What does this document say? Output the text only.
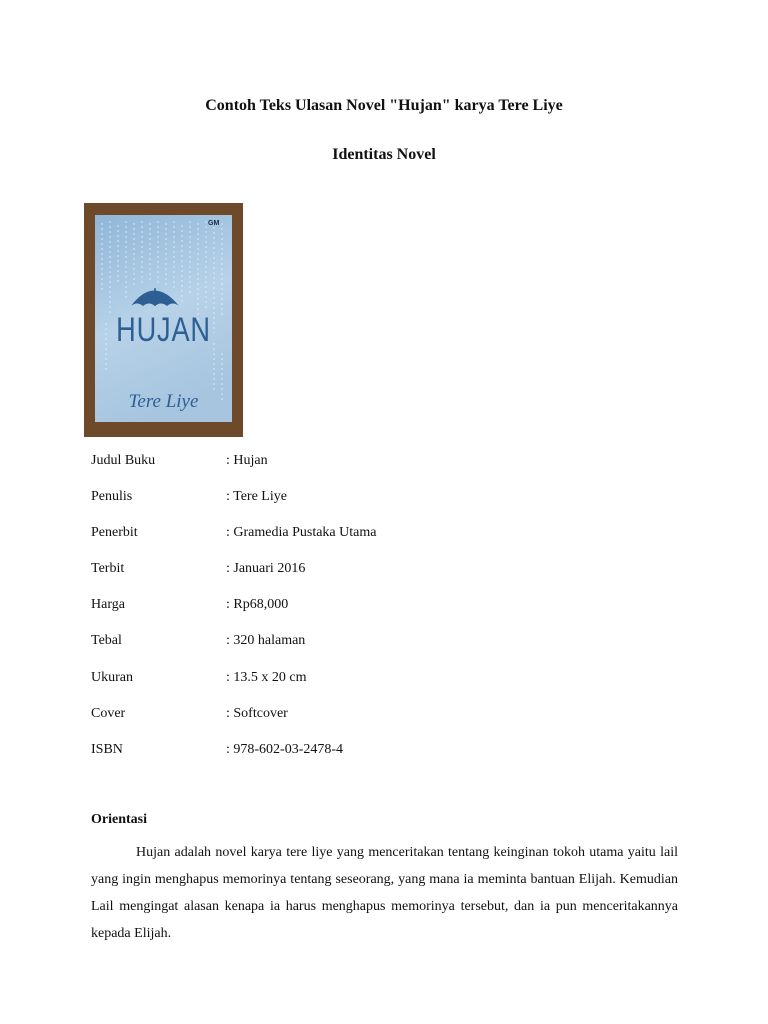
Contoh Teks Ulasan Novel "Hujan" karya Tere Liye
Identitas Novel
GM
HUJAN
Tere Liye
Judul Buku	: Hujan
Penulis	: Tere Liye
Penerbit	: Gramedia Pustaka Utama
Terbit	: Januari 2016
Harga	: Rp68,000
Tebal	: 320 halaman
Ukuran	: 13.5 x 20 cm
Cover	: Softcover
ISBN	: 978-602-03-2478-4
Orientasi
Hujan adalah novel karya tere liye yang menceritakan tentang keinginan tokoh utama yaitu lail yang ingin menghapus memorinya tentang seseorang, yang mana ia meminta bantuan Elijah. Kemudian Lail mengingat alasan kenapa ia harus menghapus memorinya tersebut, dan ia pun menceritakannya kepada Elijah.
